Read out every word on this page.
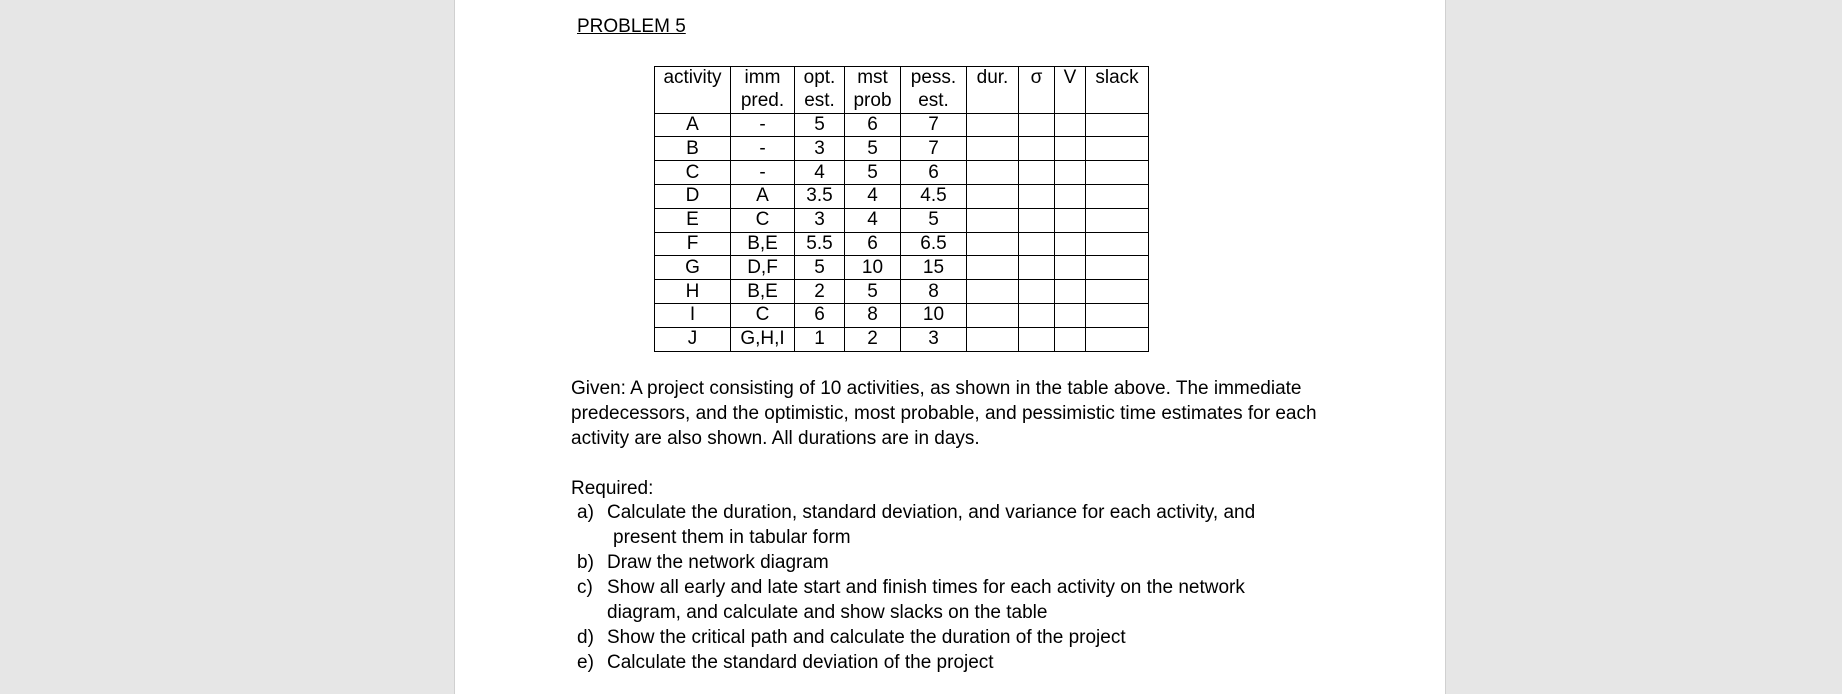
PROBLEM 5
activity	imm	opt.	mst	pess.	dur.	σ	V	slack
	pred.	est.	prob	est.				
A	-	5	6	7				
B	-	3	5	7				
C	-	4	5	6				
D	A	3.5	4	4.5				
E	C	3	4	5				
F	B,E	5.5	6	6.5				
G	D,F	5	10	15				
H	B,E	2	5	8				
I	C	6	8	10				
J	G,H,I	1	2	3				
Given: A project consisting of 10 activities, as shown in the table above. The immediate predecessors, and the optimistic, most probable, and pessimistic time estimates for each activity are also shown. All durations are in days.
Required:
a) Calculate the duration, standard deviation, and variance for each activity, and
present them in tabular form
b) Draw the network diagram
c) Show all early and late start and finish times for each activity on the network
diagram, and calculate and show slacks on the table
d) Show the critical path and calculate the duration of the project
e) Calculate the standard deviation of the project
